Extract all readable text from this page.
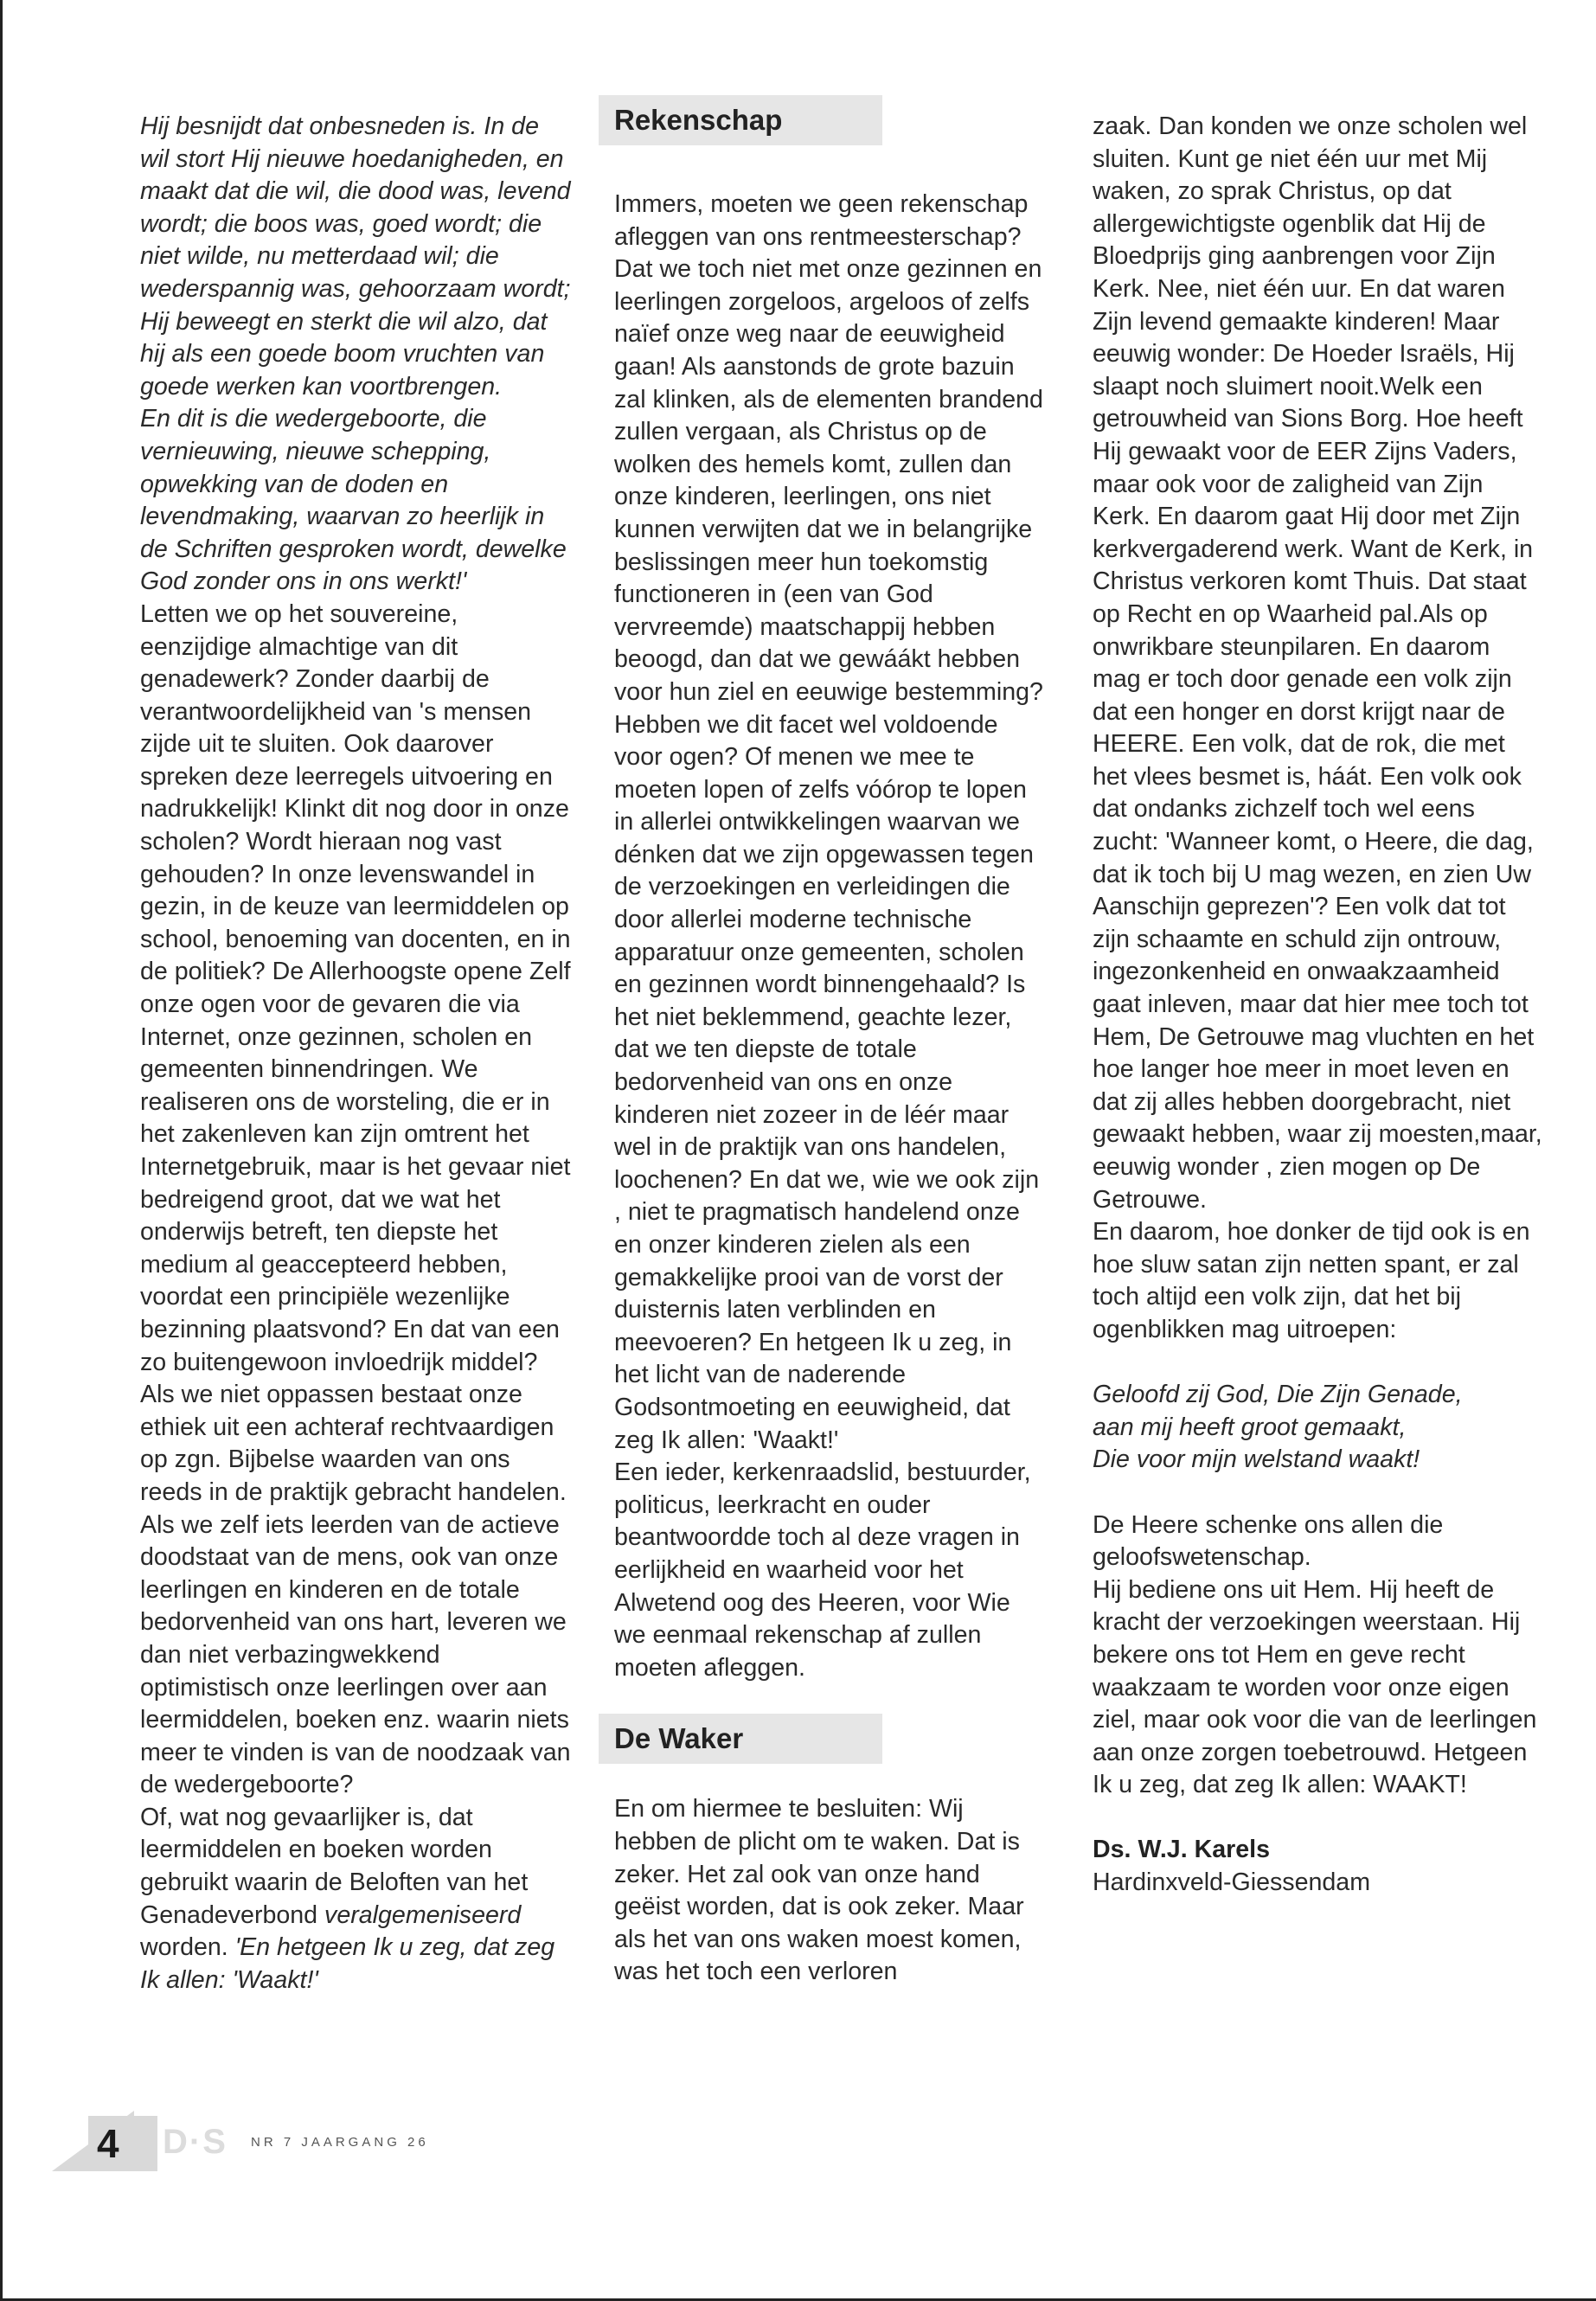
Hij besnijdt dat onbesneden is. In de wil stort Hij nieuwe hoedanigheden, en maakt dat die wil, die dood was, levend wordt; die boos was, goed wordt; die niet wilde, nu metterdaad wil; die wederspannig was, gehoorzaam wordt; Hij beweegt en sterkt die wil alzo, dat hij als een goede boom vruchten van goede werken kan voortbrengen.

En dit is die wedergeboorte, die vernieuwing, nieuwe schepping, opwekking van de doden en levendmaking, waarvan zo heerlijk in de Schriften gesproken wordt, dewelke God zonder ons in ons werkt!'

Letten we op het souvereine, eenzijdige almachtige van dit genadewerk? Zonder daarbij de verantwoordelijkheid van 's mensen zijde uit te sluiten. Ook daarover spreken deze leerregels uitvoering en nadrukkelijk! Klinkt dit nog door in onze scholen? Wordt hieraan nog vast gehouden? In onze levenswandel in gezin, in de keuze van leermiddelen op school, benoeming van docenten, en in de politiek? De Allerhoogste opene Zelf onze ogen voor de gevaren die via Internet, onze gezinnen, scholen en gemeenten binnendringen. We realiseren ons de worsteling, die er in het zakenleven kan zijn omtrent het Internetgebruik, maar is het gevaar niet bedreigend groot, dat we wat het onderwijs betreft, ten diepste het medium al geaccepteerd hebben, voordat een principiële wezenlijke bezinning plaatsvond? En dat van een zo buitengewoon invloedrijk middel? Als we niet oppassen bestaat onze ethiek uit een achteraf rechtvaardigen op zgn. Bijbelse waarden van ons reeds in de praktijk gebracht handelen.

Als we zelf iets leerden van de actieve doodstaat van de mens, ook van onze leerlingen en kinderen en de totale bedorvenheid van ons hart, leveren we dan niet verbazingwekkend optimistisch onze leerlingen over aan leermiddelen, boeken enz. waarin niets meer te vinden is van de noodzaak van de wedergeboorte?

Of, wat nog gevaarlijker is, dat leermiddelen en boeken worden gebruikt waarin de Beloften van het Genadeverbond veralgemeniseerd worden. 'En hetgeen Ik u zeg, dat zeg Ik allen: 'Waakt!'

Rekenschap

Immers, moeten we geen rekenschap afleggen van ons rentmeesterschap?

Dat we toch niet met onze gezinnen en leerlingen zorgeloos, argeloos of zelfs naïef onze weg naar de eeuwigheid gaan! Als aanstonds de grote bazuin zal klinken, als de elementen brandend zullen vergaan, als Christus op de wolken des hemels komt, zullen dan onze kinderen, leerlingen, ons niet kunnen verwijten dat we in belangrijke beslissingen meer hun toekomstig functioneren in (een van God vervreemde) maatschappij hebben beoogd, dan dat we gewáákt hebben voor hun ziel en eeuwige bestemming? Hebben we dit facet wel voldoende voor ogen? Of menen we mee te moeten lopen of zelfs vóórop te lopen in allerlei ontwikkelingen waarvan we dénken dat we zijn opgewassen tegen de verzoekingen en verleidingen die door allerlei moderne technische apparatuur onze gemeenten, scholen en gezinnen wordt binnengehaald? Is het niet beklemmend, geachte lezer, dat we ten diepste de totale bedorvenheid van ons en onze kinderen niet zozeer in de léér maar wel in de praktijk van ons handelen, loochenen? En dat we, wie we ook zijn , niet te pragmatisch handelend onze en onzer kinderen zielen als een gemakkelijke prooi van de vorst der duisternis laten verblinden en meevoeren? En hetgeen Ik u zeg, in het licht van de naderende Godsontmoeting en eeuwigheid, dat zeg Ik allen: 'Waakt!'

Een ieder, kerkenraadslid, bestuurder, politicus, leerkracht en ouder beantwoordde toch al deze vragen in eerlijkheid en waarheid voor het Alwetend oog des Heeren, voor Wie we eenmaal rekenschap af zullen moeten afleggen.

De Waker

En om hiermee te besluiten: Wij hebben de plicht om te waken. Dat is zeker. Het zal ook van onze hand geëist worden, dat is ook zeker. Maar als het van ons waken moest komen, was het toch een verloren

zaak. Dan konden we onze scholen wel sluiten. Kunt ge niet één uur met Mij waken, zo sprak Christus, op dat allergewichtigste ogenblik dat Hij de Bloedprijs ging aanbrengen voor Zijn Kerk. Nee, niet één uur. En dat waren Zijn levend gemaakte kinderen! Maar eeuwig wonder: De Hoeder Israëls, Hij slaapt noch sluimert nooit.Welk een getrouwheid van Sions Borg. Hoe heeft Hij gewaakt voor de EER Zijns Vaders, maar ook voor de zaligheid van Zijn Kerk. En daarom gaat Hij door met Zijn kerkvergaderend werk. Want de Kerk, in Christus verkoren komt Thuis. Dat staat op Recht en op Waarheid pal.Als op onwrikbare steunpilaren. En daarom mag er toch door genade een volk zijn dat een honger en dorst krijgt naar de HEERE. Een volk, dat de rok, die met het vlees besmet is, háát. Een volk ook dat ondanks zichzelf toch wel eens zucht: 'Wanneer komt, o Heere, die dag, dat ik toch bij U mag wezen, en zien Uw Aanschijn geprezen'? Een volk dat tot zijn schaamte en schuld zijn ontrouw, ingezonkenheid en onwaakzaamheid gaat inleven, maar dat hier mee toch tot Hem, De Getrouwe mag vluchten en het hoe langer hoe meer in moet leven en dat zij alles hebben doorgebracht, niet gewaakt hebben, waar zij moesten,maar, eeuwig wonder , zien mogen op De Getrouwe.

En daarom, hoe donker de tijd ook is en hoe sluw satan zijn netten spant, er zal toch altijd een volk zijn, dat het bij ogenblikken mag uitroepen:

Geloofd zij God, Die Zijn Genade,

aan mij heeft groot gemaakt,

Die voor mijn welstand waakt!

De Heere schenke ons allen die geloofswetenschap.

Hij bediene ons uit Hem. Hij heeft de kracht der verzoekingen weerstaan. Hij bekere ons tot Hem en geve recht waakzaam te worden voor onze eigen ziel, maar ook voor die van de leerlingen aan onze zorgen toebetrouwd. Hetgeen Ik u zeg, dat zeg Ik allen: WAAKT!

Ds. W.J. Karels

Hardinxveld-Giessendam

4	D·S NR 7 JAARGANG 26
